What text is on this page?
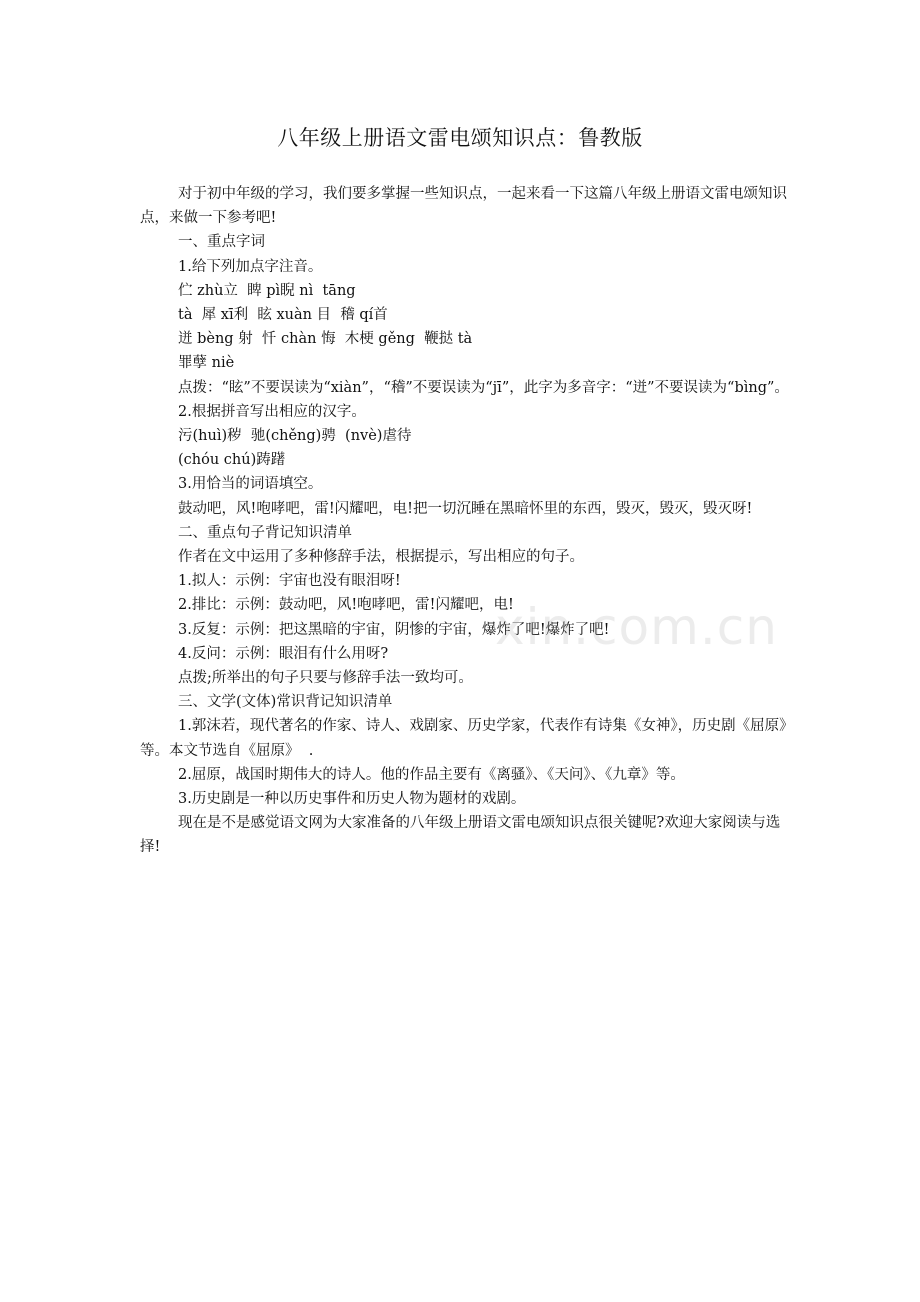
八年级上册语文雷电颂知识点：鲁教版

对于初中年级的学习，我们要多掌握一些知识点，一起来看一下这篇八年级上册语文雷电颂知识点，来做一下参考吧!

一、重点字词

1.给下列加点字注音。

伫 zhù立  睥 pì睨 nì  tāng

tà  犀 xī利  眩 xuàn 目  稽 qí首

迸 bèng 射  忏 chàn 悔  木梗 gěng  鞭挞 tà

罪孽 niè

点拨：“眩”不要误读为“xiàn”，“稽”不要误读为“jī”，此字为多音字：“迸”不要误读为“bìng”。

2.根据拼音写出相应的汉字。

污(huì)秽  驰(chěng)骋  (nvè)虐待

(chóu chú)踌躇

3.用恰当的词语填空。

鼓动吧，风!咆哮吧，雷!闪耀吧，电!把一切沉睡在黑暗怀里的东西，毁灭，毁灭，毁灭呀!

二、重点句子背记知识清单

作者在文中运用了多种修辞手法，根据提示，写出相应的句子。

1.拟人：示例：宇宙也没有眼泪呀!

2.排比：示例：鼓动吧，风!咆哮吧，雷!闪耀吧，电!

3.反复：示例：把这黑暗的宇宙，阴惨的宇宙，爆炸了吧!爆炸了吧!

4.反问：示例：眼泪有什么用呀?

点拨;所举出的句子只要与修辞手法一致均可。

三、文学(文体)常识背记知识清单

1.郭沫若，现代著名的作家、诗人、戏剧家、历史学家，代表作有诗集《女神》，历史剧《屈原》等。本文节选自《屈原》  .

2.屈原，战国时期伟大的诗人。他的作品主要有《离骚》、《天问》、《九章》等。

3.历史剧是一种以历史事件和历史人物为题材的戏剧。

现在是不是感觉语文网为大家准备的八年级上册语文雷电颂知识点很关键呢?欢迎大家阅读与选择!

xin.com.cn
